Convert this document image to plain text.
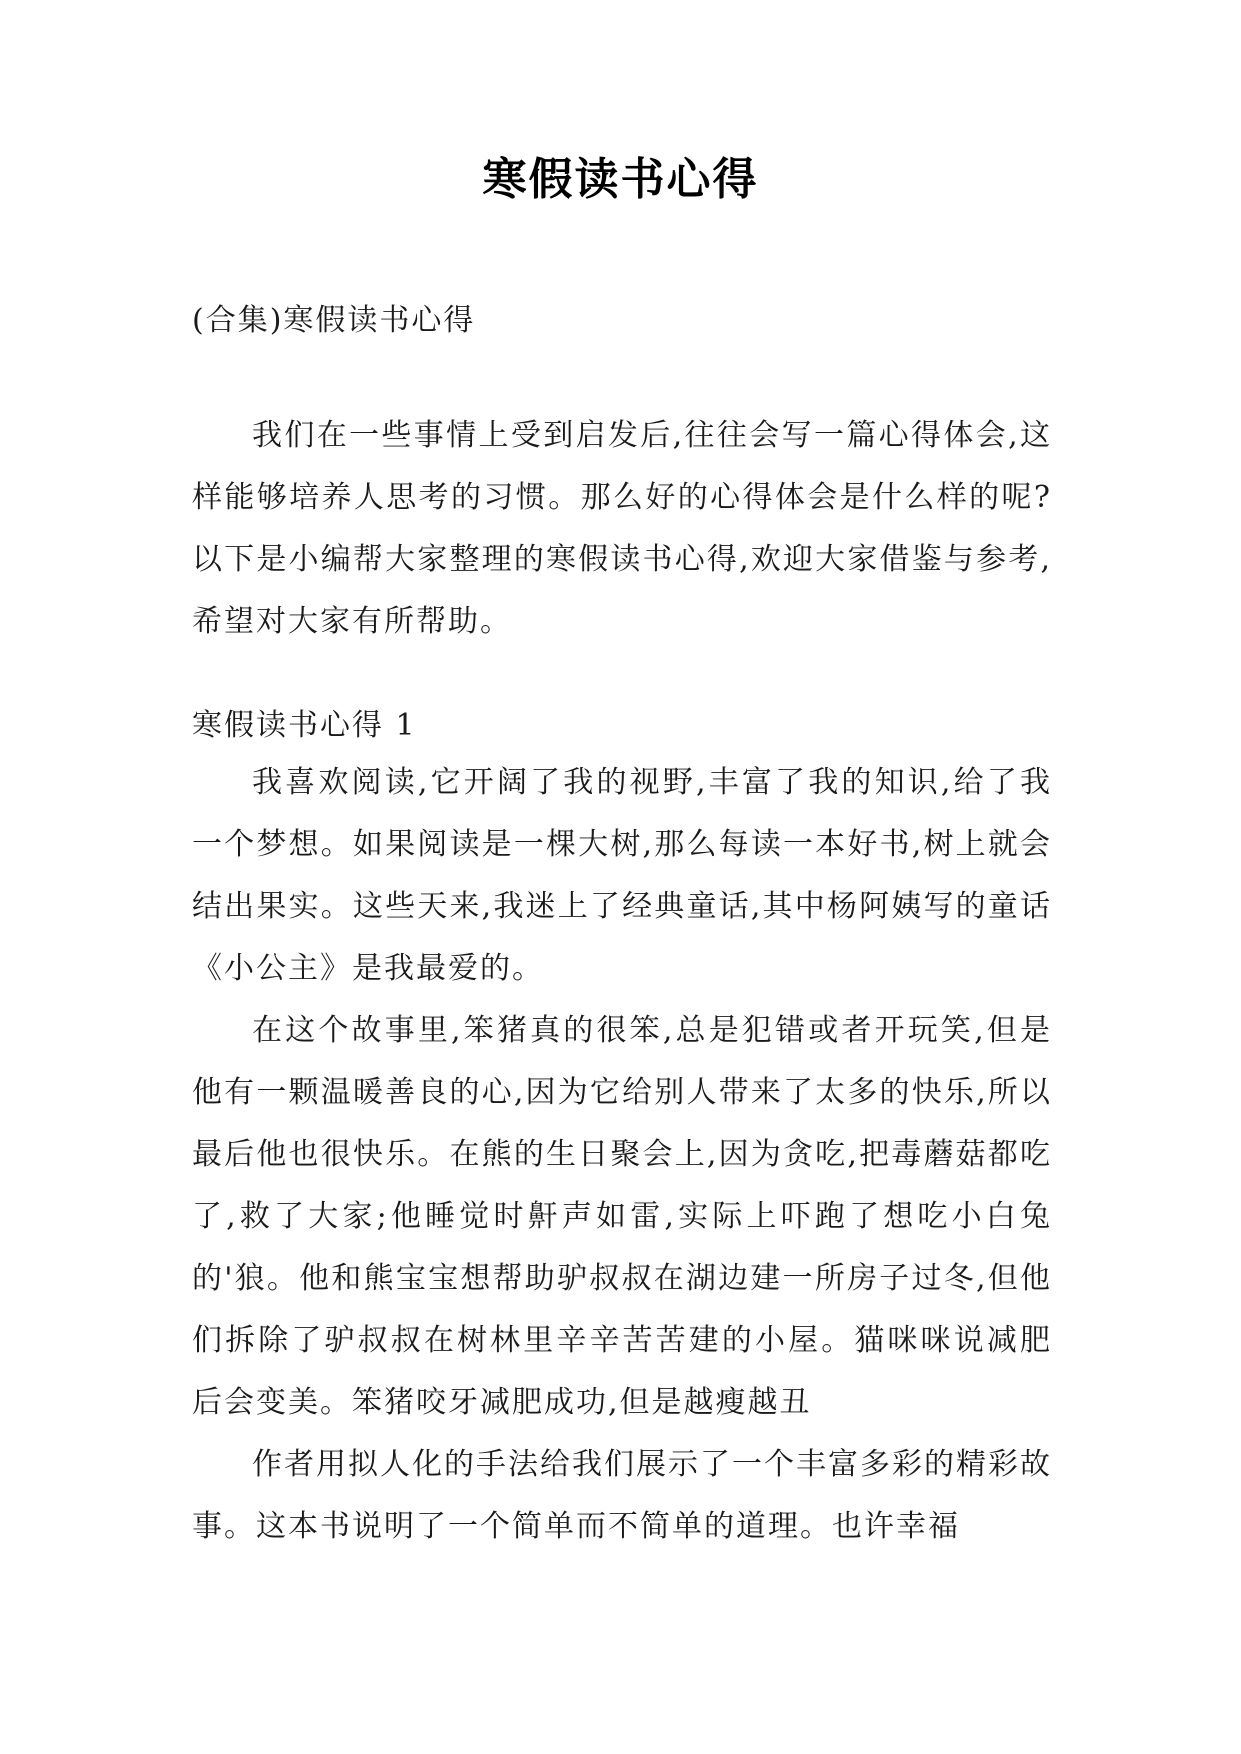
寒假读书心得
(合集)寒假读书心得

我们在一些事情上受到启发后,往往会写一篇心得体会,这样能够培养人思考的习惯。那么好的心得体会是什么样的呢?以下是小编帮大家整理的寒假读书心得,欢迎大家借鉴与参考,希望对大家有所帮助。

寒假读书心得 1

我喜欢阅读,它开阔了我的视野,丰富了我的知识,给了我一个梦想。如果阅读是一棵大树,那么每读一本好书,树上就会结出果实。这些天来,我迷上了经典童话,其中杨阿姨写的童话《小公主》是我最爱的。

在这个故事里,笨猪真的很笨,总是犯错或者开玩笑,但是他有一颗温暖善良的心,因为它给别人带来了太多的快乐,所以最后他也很快乐。在熊的生日聚会上,因为贪吃,把毒蘑菇都吃了,救了大家;他睡觉时鼾声如雷,实际上吓跑了想吃小白兔的'狼。他和熊宝宝想帮助驴叔叔在湖边建一所房子过冬,但他们拆除了驴叔叔在树林里辛辛苦苦建的小屋。猫咪咪说减肥后会变美。笨猪咬牙减肥成功,但是越瘦越丑

作者用拟人化的手法给我们展示了一个丰富多彩的精彩故事。这本书说明了一个简单而不简单的道理。也许幸福
